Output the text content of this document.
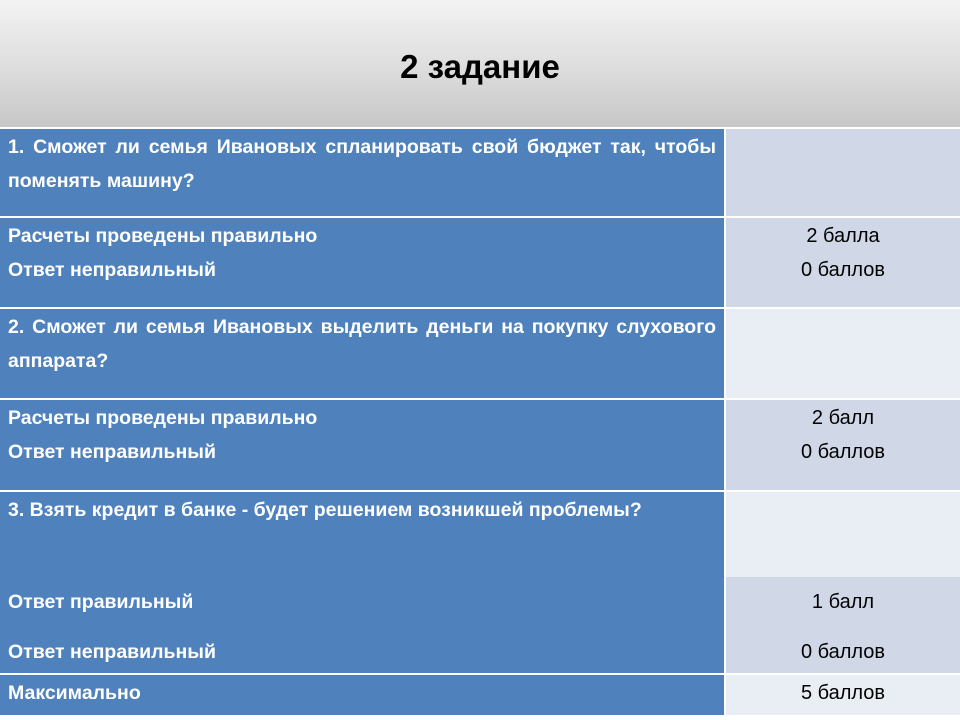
2 задание
1. Сможет ли семья Ивановых спланировать свой бюджет так, чтобы поменять машину?
Расчеты проведены правильно
Ответ неправильный
2 балла
0 баллов
2. Сможет ли семья Ивановых выделить деньги на покупку слухового аппарата?
Расчеты проведены правильно
Ответ неправильный
2 балл
0 баллов
3. Взять кредит в банке - будет решением возникшей проблемы?
Ответ правильный
Ответ неправильный
1 балл
0 баллов
Максимально	5 баллов
